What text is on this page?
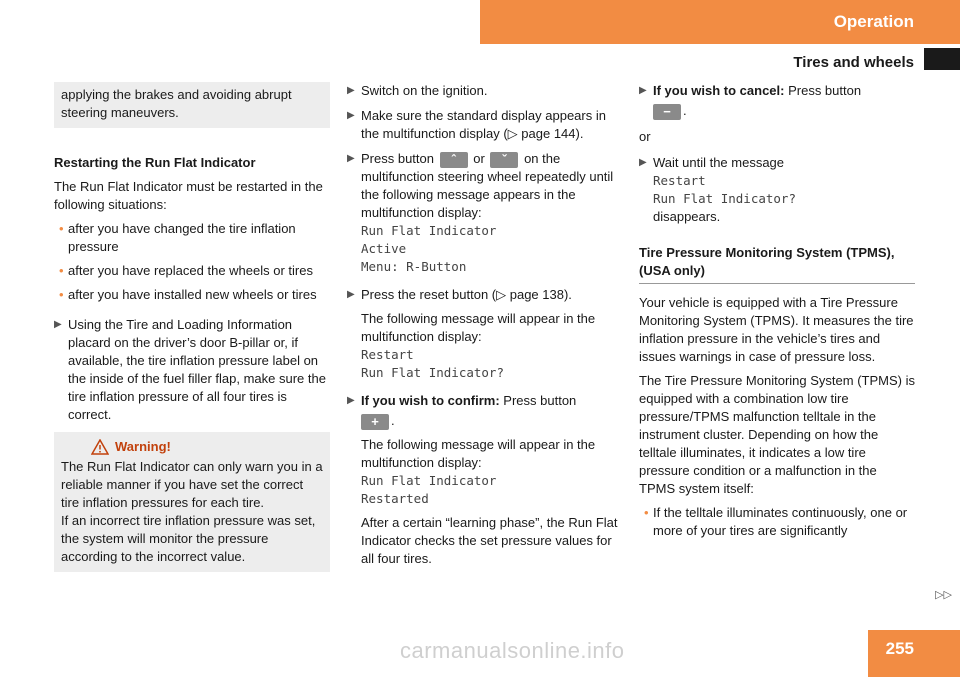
Operation
Tires and wheels

applying the brakes and avoiding abrupt steering maneuvers.

Restarting the Run Flat Indicator

The Run Flat Indicator must be restarted in the following situations:

• after you have changed the tire inflation pressure
• after you have replaced the wheels or tires
• after you have installed new wheels or tires
▶ Using the Tire and Loading Information placard on the driver’s door B-pillar or, if available, the tire inflation pressure label on the inside of the fuel filler flap, make sure the tire inflation pressure of all four tires is correct.
Warning!

The Run Flat Indicator can only warn you in a reliable manner if you have set the correct tire inflation pressures for each tire.

If an incorrect tire inflation pressure was set, the system will monitor the pressure according to the incorrect value.

▶ Switch on the ignition.
▶ Make sure the standard display appears in the multifunction display (▷ page 144).
▶ Press button	ˆ	or	ˇ	on the multifunction steering wheel repeatedly until the following message appears in the multifunction display:
Run Flat Indicator
Active
Menu: R-Button
▶ Press the reset button (▷ page 138).

The following message will appear in the multifunction display:

Restart
Run Flat Indicator?
▶ If you wish to confirm: Press button
+ .

The following message will appear in the multifunction display:

Run Flat Indicator
Restarted

After a certain “learning phase”, the Run Flat Indicator checks the set pressure values for all four tires.

▶ If you wish to cancel: Press button
− .

or

▶ Wait until the message
Restart
Run Flat Indicator?
disappears.
Tire Pressure Monitoring System (TPMS), (USA only)

Your vehicle is equipped with a Tire Pressure Monitoring System (TPMS). It measures the tire inflation pressure in the vehicle’s tires and issues warnings in case of pressure loss.

The Tire Pressure Monitoring System (TPMS) is equipped with a combination low tire pressure/TPMS malfunction telltale in the instrument cluster. Depending on how the telltale illuminates, it indicates a low tire pressure condition or a malfunction in the TPMS system itself:

• If the telltale illuminates continuously, one or more of your tires are significantly
▷▷
carmanualsonline.info	255
